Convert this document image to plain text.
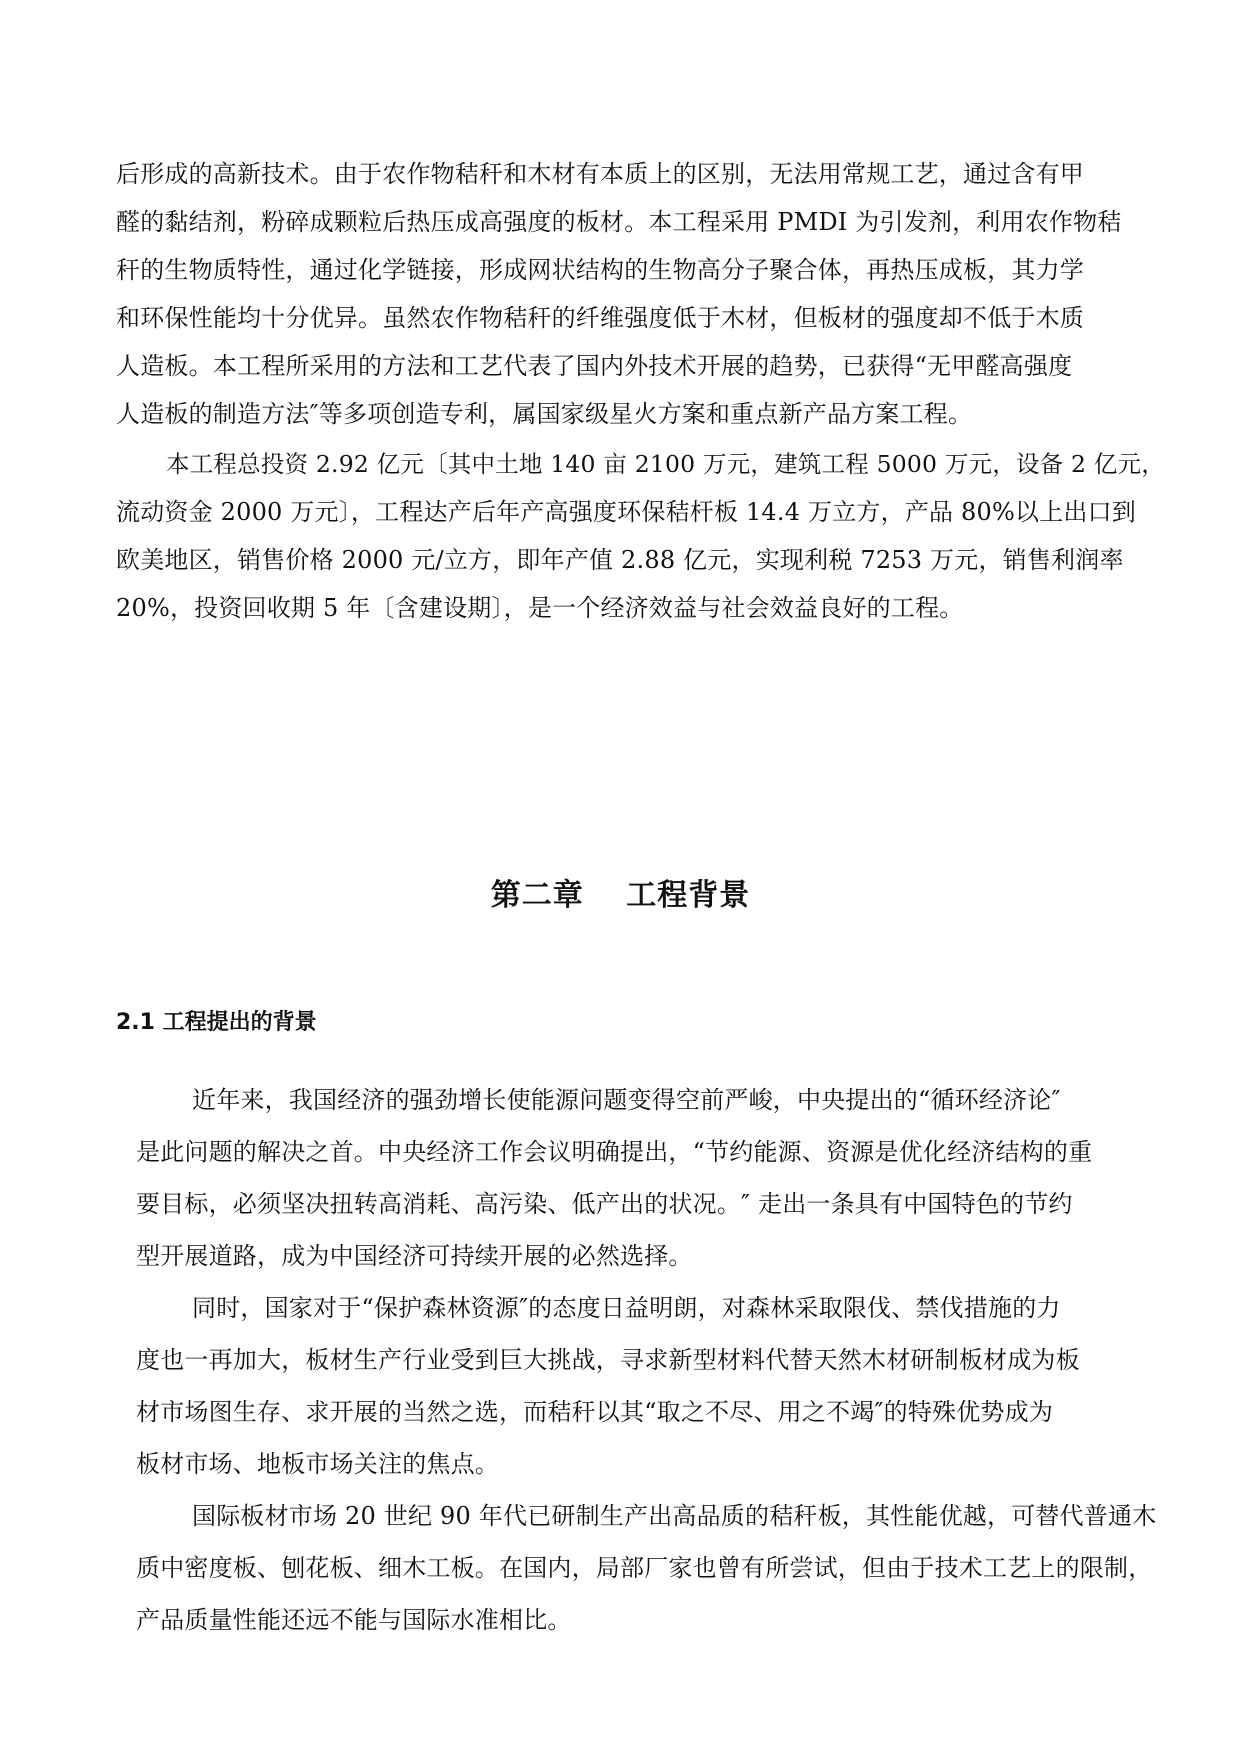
后形成的高新技术。由于农作物秸秆和木材有本质上的区别，无法用常规工艺，通过含有甲
醛的黏结剂，粉碎成颗粒后热压成高强度的板材。本工程采用 PMDI 为引发剂，利用农作物秸
秆的生物质特性，通过化学链接，形成网状结构的生物高分子聚合体，再热压成板，其力学
和环保性能均十分优异。虽然农作物秸秆的纤维强度低于木材，但板材的强度却不低于木质
人造板。本工程所采用的方法和工艺代表了国内外技术开展的趋势，已获得“无甲醛高强度
人造板的制造方法″等多项创造专利，属国家级星火方案和重点新产品方案工程。
本工程总投资 2.92 亿元〔其中土地 140 亩 2100 万元，建筑工程 5000 万元，设备 2 亿元，
流动资金 2000 万元〕，工程达产后年产高强度环保秸杆板 14.4 万立方，产品 80%以上出口到
欧美地区，销售价格 2000 元/立方，即年产值 2.88 亿元，实现利税 7253 万元，销售利润率
20%，投资回收期 5 年〔含建设期〕，是一个经济效益与社会效益良好的工程。
第二章　 工程背景
2.1 工程提出的背景
近年来，我国经济的强劲增长使能源问题变得空前严峻，中央提出的“循环经济论″
是此问题的解决之首。中央经济工作会议明确提出，“节约能源、资源是优化经济结构的重
要目标，必须坚决扭转高消耗、高污染、低产出的状况。″ 走出一条具有中国特色的节约
型开展道路，成为中国经济可持续开展的必然选择。
同时，国家对于“保护森林资源″的态度日益明朗，对森林采取限伐、禁伐措施的力
度也一再加大，板材生产行业受到巨大挑战，寻求新型材料代替天然木材研制板材成为板
材市场图生存、求开展的当然之选，而秸秆以其“取之不尽、用之不竭″的特殊优势成为
板材市场、地板市场关注的焦点。
国际板材市场 20 世纪 90 年代已研制生产出高品质的秸秆板，其性能优越，可替代普通木
质中密度板、刨花板、细木工板。在国内，局部厂家也曾有所尝试，但由于技术工艺上的限制，
产品质量性能还远不能与国际水准相比。
